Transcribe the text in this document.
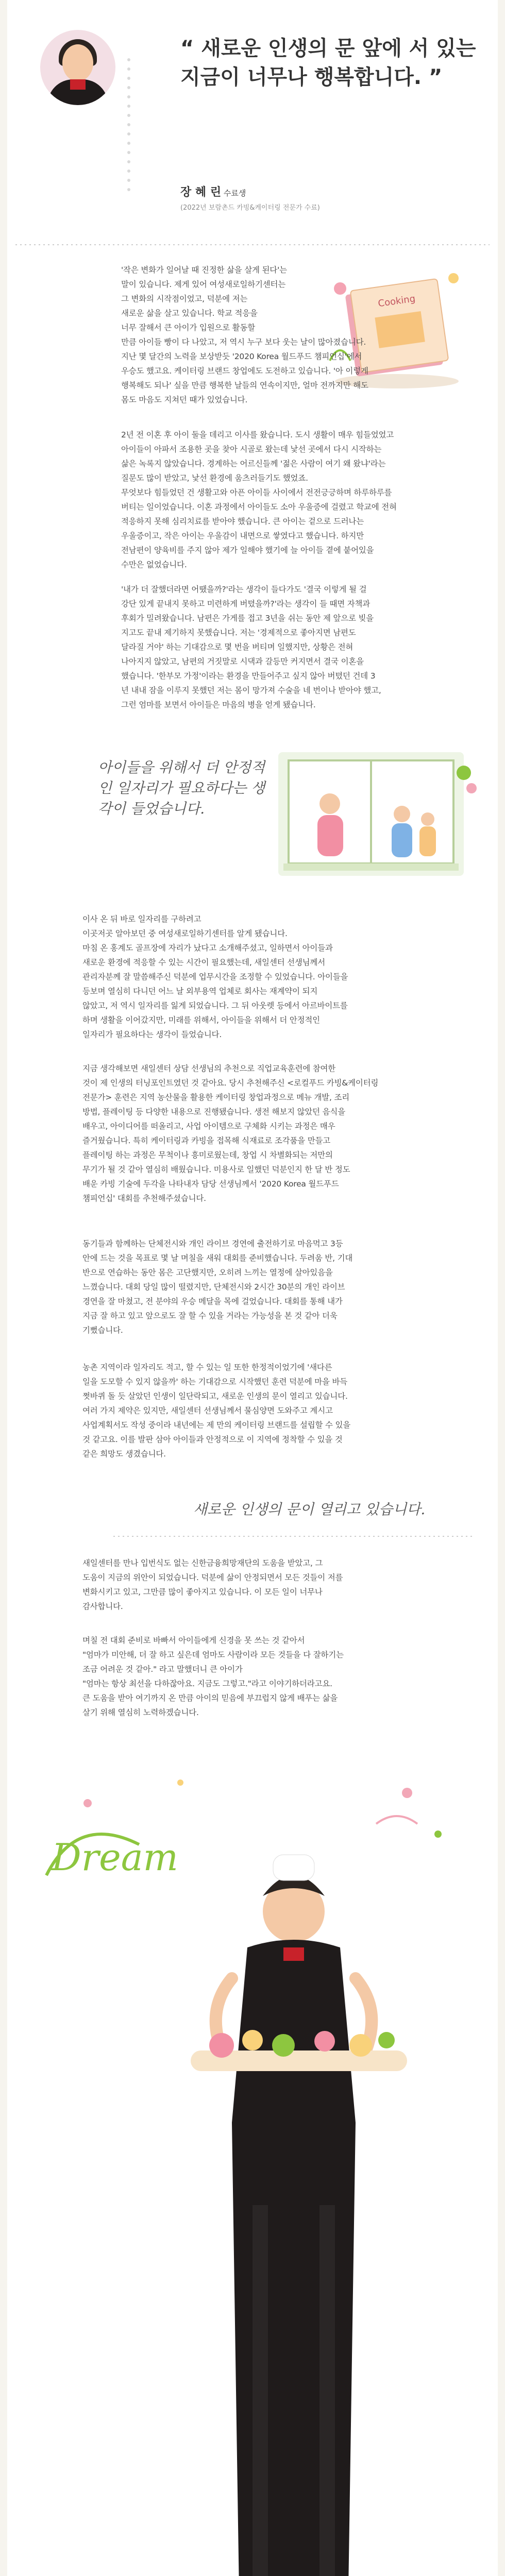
“ 새로운 인생의 문 앞에 서 있는 지금이 너무나 행복합니다. ”
장 혜 린 수료생
(2022년 보람촌드 카빙&케이터링 전문가 수료)
Cooking
'작은 변화가 일어날 때 진정한 삶을 살게 된다'는
말이 있습니다. 제게 있어 여성새로일하기센터는
그 변화의 시작점이었고, 덕분에 저는
새로운 삶을 살고 있습니다. 학교 적응을
너무 잘해서 큰 아이가 입원으로 활동할
만큼 아이들 빵이 다 나았고, 저 역시 누구 보다 웃는 날이 많아졌습니다.
지난 몇 달간의 노력을 보상받듯 '2020 Korea 월드푸드 챔피언십'에서
우승도 했고요. 케이터링 브랜드 창업에도 도전하고 있습니다. '아 이렇게
행복해도 되나' 싶을 만큼 행복한 날들의 연속이지만, 얼마 전까지만 해도
몸도 마음도 지쳐던 때가 있었습니다.
2년 전 이혼 후 아이 둘을 데리고 이사를 왔습니다. 도시 생활이 매우 힘들었었고
아이들이 아파서 조용한 곳을 찾아 시골로 왔는데 낯선 곳에서 다시 시작하는
삶은 녹록지 않았습니다. 경계하는 어르신들께 '젊은 사람이 여기 왜 왔냐'라는
질문도 많이 받았고, 낯선 환경에 움츠러들기도 했었죠.
무엇보다 힘들었던 건 생활고와 아픈 아이들 사이에서 전전긍긍하며 하루하루를
버티는 일이었습니다. 이혼 과정에서 아이들도 소아 우울증에 걸렸고 학교에 전혀
적응하지 못해 심리치료를 받아야 했습니다. 큰 아이는 겉으로 드러나는
우울증이고, 작은 아이는 우울감이 내면으로 쌓였다고 했습니다. 하지만
전남편이 양육비를 주지 않아 제가 일해야 했기에 늘 아이들 곁에 붙어있을
수만은 없었습니다.
'내가 더 잘했더라면 어땠을까?'라는 생각이 들다가도 '결국 이렇게 될 걸
강단 있게 끝내지 못하고 미련하게 버텼을까?'라는 생각이 들 때면 자책과
후회가 밀려왔습니다. 남편은 가게를 접고 3년을 쉬는 동안 제 앞으로 빚을
지고도 끝내 제기하지 못했습니다. 저는 '경제적으로 좋아지면 남편도
달라질 거야' 하는 기대감으로 몇 번을 버티며 일했지만, 상황은 전혀
나아지지 않았고, 남편의 거짓말로 시댁과 갈등만 커지면서 결국 이혼을
했습니다. '한부모 가정'이라는 환경을 만들어주고 싶지 않아 버텼던 건데 3
년 내내 잠을 이루지 못했던 저는 몸이 망가져 수술을 네 번이나 받아야 했고,
그런 엄마를 보면서 아이들은 마음의 병을 얻게 됐습니다.
아이들을 위해서 더 안정적인 일자리가 필요하다는 생각이 들었습니다.
이사 온 뒤 바로 일자리를 구하려고
이곳저곳 알아보던 중 여성새로일하기센터를 알게 됐습니다.
마침 온 홍계도 골프장에 자리가 났다고 소개해주셨고, 일하면서 아이들과
새로운 환경에 적응할 수 있는 시간이 필요했는데, 새일센터 선생님께서
관리자분께 잘 말씀해주신 덕분에 업무시간을 조정할 수 있었습니다. 아이들을
등보며 열심히 다니던 어느 날 외부용역 업체로 회사는 재계약이 되지
않았고, 저 역시 일자리를 잃게 되었습니다. 그 뒤 아웃렛 등에서 아르바이트를
하며 생활을 이어갔지만, 미래를 위해서, 아이들을 위해서 더 안정적인
일자리가 필요하다는 생각이 들었습니다.
지금 생각해보면 새일센터 상담 선생님의 추천으로 직업교육훈련에 참여한
것이 제 인생의 터닝포인트였던 것 같아요. 당시 추천해주신 <로컬푸드 카빙&케이터링
전문가> 훈련은 지역 농산물을 활용한 케이터링 창업과정으로 메뉴 개발, 조리
방법, 플레이팅 등 다양한 내용으로 진행됐습니다. 생전 해보지 않았던 음식을
배우고, 아이디어를 떠올리고, 사업 아이템으로 구체화 시키는 과정은 매우
즐거웠습니다. 특히 케이터링과 카빙을 접목해 식재료로 조각품을 만들고
플레이팅 하는 과정은 무척이나 흥미로웠는데, 창업 시 차별화되는 저만의
무기가 될 것 같아 열심히 배웠습니다. 미용사로 일했던 덕분인지 한 달 반 정도
배운 카빙 기술에 두각을 나타내자 담당 선생님께서 '2020 Korea 월드푸드
챔피언십' 대회를 추천해주셨습니다.
동기들과 함께하는 단체전시와 개인 라이브 경연에 출전하기로 마음먹고 3등
안에 드는 것을 목표로 몇 날 며칠을 새워 대회를 준비했습니다. 두려움 반, 기대
반으로 연습하는 동안 몸은 고단했지만, 오히려 느끼는 열정에 살아있음을
느꼈습니다. 대회 당일 많이 떨렸지만, 단체전시와 2시간 30분의 개인 라이브
경연을 잘 마쳤고, 전 분야의 우승 메달을 목에 걸었습니다. 대회를 통해 내가
지금 잘 하고 있고 앞으로도 잘 할 수 있을 거라는 가능성을 본 것 같아 더욱
기뻤습니다.
농촌 지역이라 일자리도 적고, 할 수 있는 일 또한 한정적이었기에 '새다른
일을 도모할 수 있지 않을까' 하는 기대감으로 시작했던 훈련 덕분에 마을 바득
쩟바퀴 돌 듯 살았던 인생이 일단락되고, 새로운 인생의 문이 열리고 있습니다.
여러 가지 제약은 있지만, 새일센터 선생님께서 물심양면 도와주고 계시고
사업계획서도 작성 중이라 내년에는 제 만의 케이터링 브랜드를 설립할 수 있을
것 같고요. 이를 발판 삼아 아이들과 안정적으로 이 지역에 정착할 수 있을 것
같은 희망도 생겼습니다.
새로운 인생의 문이 열리고 있습니다.
새일센터를 만나 입번식도 없는 신한금융희망재단의 도움을 받았고, 그
도움이 지금의 위안이 되었습니다. 덕분에 삶이 안정되면서 모든 것들이 저를
변화시키고 있고, 그만큼 많이 좋아지고 있습니다. 이 모든 일이 너무나
감사합니다.
며칠 전 대회 준비로 바빠서 아이들에게 신경을 못 쓰는 것 같아서
"엄마가 미안해, 더 잘 하고 싶은데 엄마도 사람이라 모든 것들을 다 잘하기는
조금 어려운 것 같아." 라고 말했더니 큰 아이가
"엄마는 항상 최선을 다하잖아요. 지금도 그렇고."라고 이야기하더라고요.
큰 도움을 받아 여기까지 온 만큼 아이의 믿음에 부끄럽지 않게 배푸는 삶을
살기 위해 열심히 노력하겠습니다.
Dream
